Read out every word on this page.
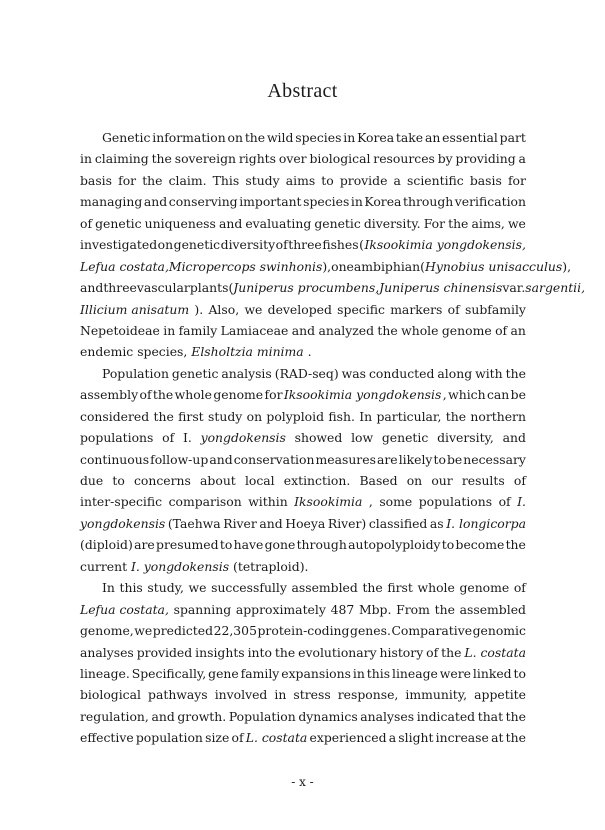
Abstract
Genetic information on the wild species in Korea take an essential part
in claiming the sovereign rights over biological resources by providing a
basis for the claim. This study aims to provide a scientific basis for
managing and conserving important species in Korea through verification
of genetic uniqueness and evaluating genetic diversity. For the aims, we
investigated on genetic diversity of three fishes ( Iksookimia yongdokensis,
Lefua costata, Micropercops swinhonis ), one ambiphian ( Hynobius unisacculus ),
and three vascular plants ( Juniperus procumbens, Juniperus chinensis var. sargentii,
Illicium anisatum ). Also, we developed specific markers of subfamily
Nepetoideae in family Lamiaceae and analyzed the whole genome of an
endemic species, Elsholtzia minima .
Population genetic analysis (RAD-seq) was conducted along with the
assembly of the whole genome for Iksookimia yongdokensis , which can be
considered the first study on polyploid fish. In particular, the northern
populations of I. yongdokensis showed low genetic diversity, and
continuous follow-up and conservation measures are likely to be necessary
due to concerns about local extinction. Based on our results of
inter-specific comparison within Iksookimia , some populations of I.
yongdokensis (Taehwa River and Hoeya River) classified as I. longicorpa
(diploid) are presumed to have gone through autopolyploidy to become the
current I. yongdokensis (tetraploid).
In this study, we successfully assembled the first whole genome of
Lefua costata, spanning approximately 487 Mbp. From the assembled
genome, we predicted 22,305 protein-coding genes. Comparative genomic
analyses provided insights into the evolutionary history of the L. costata
lineage. Specifically, gene family expansions in this lineage were linked to
biological pathways involved in stress response, immunity, appetite
regulation, and growth. Population dynamics analyses indicated that the
effective population size of L. costata experienced a slight increase at the
- x -
